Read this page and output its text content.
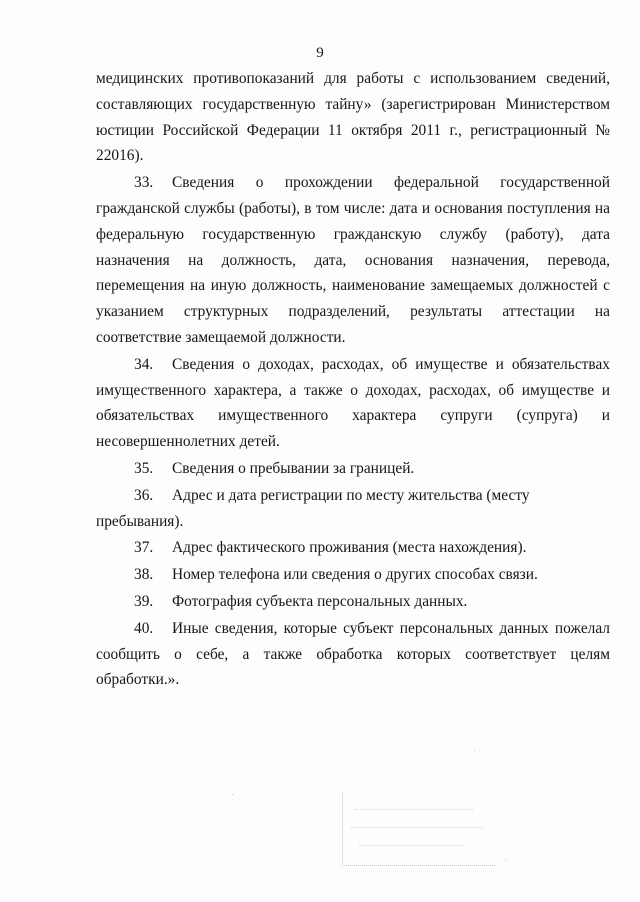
9

медицинских противопоказаний для работы с использованием сведений, составляющих государственную тайну» (зарегистрирован Министерством юстиции Российской Федерации 11 октября 2011 г., регистрационный № 22016).

33. Сведения о прохождении федеральной государственной гражданской службы (работы), в том числе: дата и основания поступления на федеральную государственную гражданскую службу (работу), дата назначения на должность, дата, основания назначения, перевода, перемещения на иную должность, наименование замещаемых должностей с указанием структурных подразделений, результаты аттестации на соответствие замещаемой должности.

34. Сведения о доходах, расходах, об имуществе и обязательствах имущественного характера, а также о доходах, расходах, об имуществе и обязательствах имущественного характера супруги (супруга) и несовершеннолетних детей.

35. Сведения о пребывании за границей.

36. Адрес и дата регистрации по месту жительства (месту пребывания).

37. Адрес фактического проживания (места нахождения).

38. Номер телефона или сведения о других способах связи.

39. Фотография субъекта персональных данных.

40. Иные сведения, которые субъект персональных данных пожелал сообщить о себе, а также обработка которых соответствует целям обработки.».
